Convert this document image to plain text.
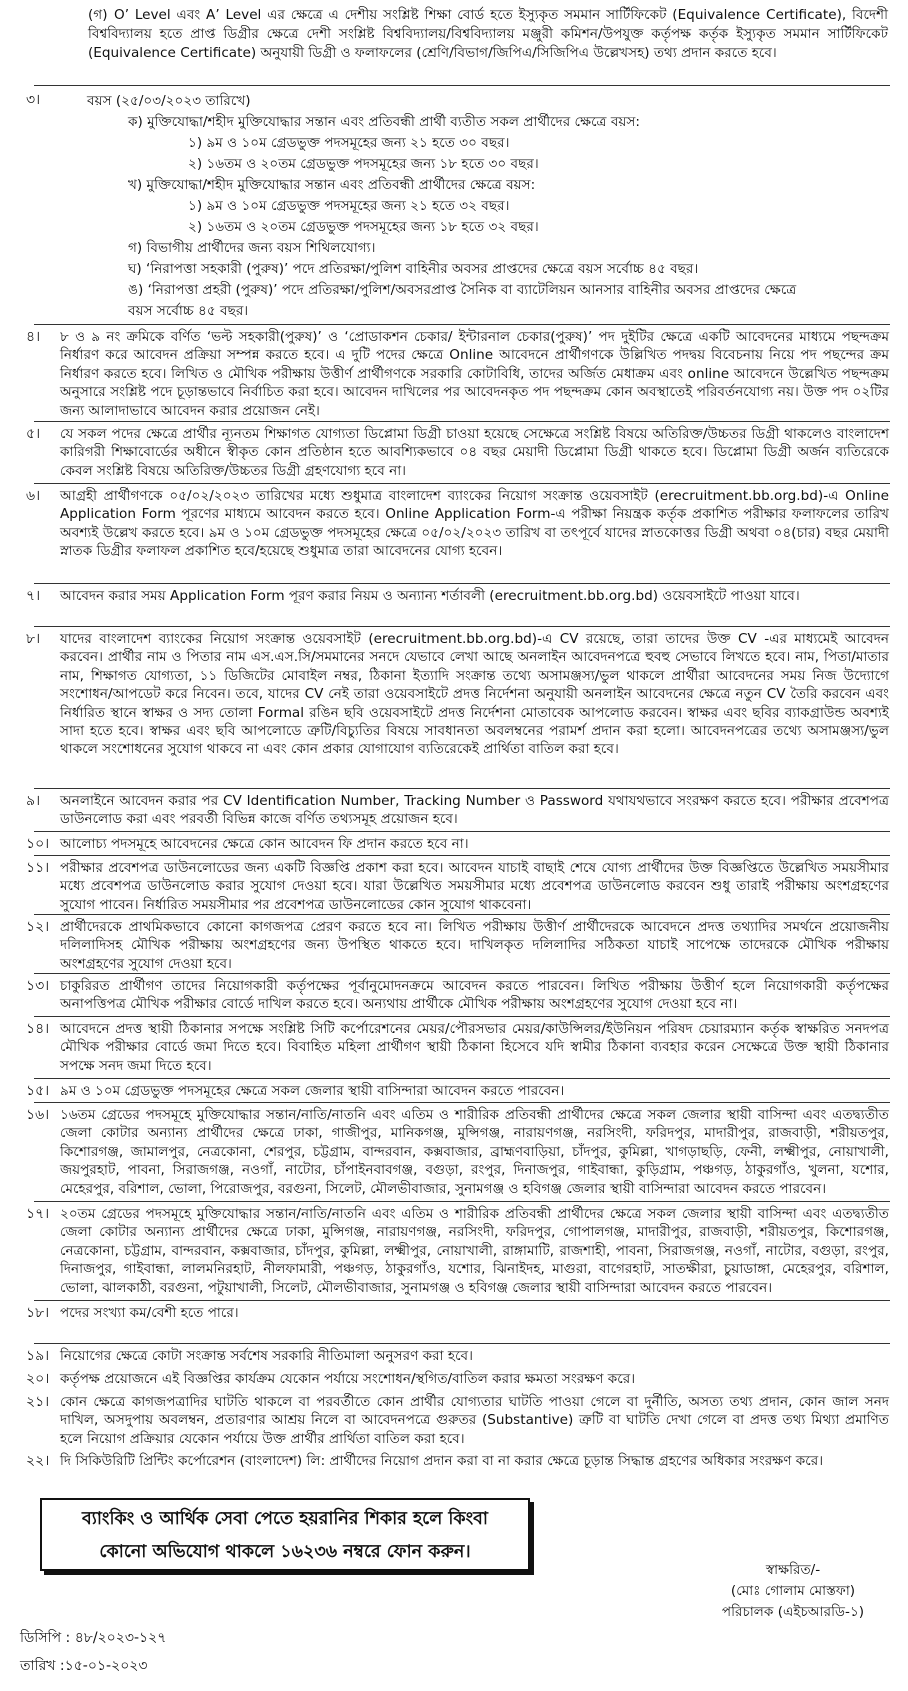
(গ) O’ Level এবং A’ Level এর ক্ষেত্রে এ দেশীয় সংশ্লিষ্ট শিক্ষা বোর্ড হতে ইস্যুকৃত সমমান সার্টিফিকেট (Equivalence Certificate), বিদেশী বিশ্ববিদ্যালয় হতে প্রাপ্ত ডিগ্রীর ক্ষেত্রে দেশী সংশ্লিষ্ট বিশ্ববিদ্যালয়/বিশ্ববিদ্যালয় মঞ্জুরী কমিশন/উপযুক্ত কর্তৃপক্ষ কর্তৃক ইস্যুকৃত সমমান সার্টিফিকেট (Equivalence Certificate) অনুযায়ী ডিগ্রী ও ফলাফলের (শ্রেণি/বিভাগ/জিপিএ/সিজিপিএ উল্লেখসহ) তথ্য প্রদান করতে হবে।
৩।	বয়স (২৫/০৩/২০২৩ তারিখে)
ক) মুক্তিযোদ্ধা/শহীদ মুক্তিযোদ্ধার সন্তান এবং প্রতিবন্ধী প্রার্থী ব্যতীত সকল প্রার্থীদের ক্ষেত্রে বয়স:
১) ৯ম ও ১০ম গ্রেডভুক্ত পদসমূহের জন্য ২১ হতে ৩০ বছর।
২) ১৬তম ও ২০তম গ্রেডভুক্ত পদসমূহের জন্য ১৮ হতে ৩০ বছর।
খ) মুক্তিযোদ্ধা/শহীদ মুক্তিযোদ্ধার সন্তান এবং প্রতিবন্ধী প্রার্থীদের ক্ষেত্রে বয়স:
১) ৯ম ও ১০ম গ্রেডভুক্ত পদসমূহের জন্য ২১ হতে ৩২ বছর।
২) ১৬তম ও ২০তম গ্রেডভুক্ত পদসমূহের জন্য ১৮ হতে ৩২ বছর।
গ) বিভাগীয় প্রার্থীদের জন্য বয়স শিথিলযোগ্য।
ঘ) ‘নিরাপত্তা সহকারী (পুরুষ)’ পদে প্রতিরক্ষা/পুলিশ বাহিনীর অবসর প্রাপ্তদের ক্ষেত্রে বয়স সর্বোচ্চ ৪৫ বছর।
ঙ) ‘নিরাপত্তা প্রহরী (পুরুষ)’ পদে প্রতিরক্ষা/পুলিশ/অবসরপ্রাপ্ত সৈনিক বা ব্যাটেলিয়ন আনসার বাহিনীর অবসর প্রাপ্তদের ক্ষেত্রে
বয়স সর্বোচ্চ ৪৫ বছর।
৪। ৮ ও ৯ নং ক্রমিকে বর্ণিত ‘ভল্ট সহকারী(পুরুষ)’ ও ‘প্রোডাকশন চেকার/ ইন্টারনাল চেকার(পুরুষ)’ পদ দুইটির ক্ষেত্রে একটি আবেদনের মাধ্যমে পছন্দক্রম নির্ধারণ করে আবেদন প্রক্রিয়া সম্পন্ন করতে হবে। এ দুটি পদের ক্ষেত্রে Online আবেদনে প্রার্থীগণকে উল্লিখিত পদদ্বয় বিবেচনায় নিয়ে পদ পছন্দের ক্রম নির্ধারণ করতে হবে। লিখিত ও মৌখিক পরীক্ষায় উত্তীর্ণ প্রার্থীগণকে সরকারি কোটাবিধি, তাদের অর্জিত মেধাক্রম এবং online আবেদনে উল্লেখিত পছন্দক্রম অনুসারে সংশ্লিষ্ট পদে চূড়ান্তভাবে নির্বাচিত করা হবে। আবেদন দাখিলের পর আবেদনকৃত পদ পছন্দক্রম কোন অবস্থাতেই পরিবর্তনযোগ্য নয়। উক্ত পদ ০২টির জন্য আলাদাভাবে আবেদন করার প্রয়োজন নেই।
৫। যে সকল পদের ক্ষেত্রে প্রার্থীর ন্যূনতম শিক্ষাগত যোগ্যতা ডিপ্লোমা ডিগ্রী চাওয়া হয়েছে সেক্ষেত্রে সংশ্লিষ্ট বিষয়ে অতিরিক্ত/উচ্চতর ডিগ্রী থাকলেও বাংলাদেশ কারিগরী শিক্ষাবোর্ডের অধীনে স্বীকৃত কোন প্রতিষ্ঠান হতে আবশ্যিকভাবে ০৪ বছর মেয়াদী ডিপ্লোমা ডিগ্রী থাকতে হবে। ডিপ্লোমা ডিগ্রী অর্জন ব্যতিরেকে কেবল সংশ্লিষ্ট বিষয়ে অতিরিক্ত/উচ্চতর ডিগ্রী গ্রহণযোগ্য হবে না।
৬। আগ্রহী প্রার্থীগণকে ০৫/০২/২০২৩ তারিখের মধ্যে শুধুমাত্র বাংলাদেশ ব্যাংকের নিয়োগ সংক্রান্ত ওয়েবসাইট (erecruitment.bb.org.bd)-এ Online Application Form পূরণের মাধ্যমে আবেদন করতে হবে। Online Application Form-এ পরীক্ষা নিয়ন্ত্রক কর্তৃক প্রকাশিত পরীক্ষার ফলাফলের তারিখ অবশ্যই উল্লেখ করতে হবে। ৯ম ও ১০ম গ্রেডভুক্ত পদসমূহের ক্ষেত্রে ০৫/০২/২০২৩ তারিখ বা তৎপূর্বে যাদের স্নাতকোত্তর ডিগ্রী অথবা ০৪(চার) বছর মেয়াদী স্নাতক ডিগ্রীর ফলাফল প্রকাশিত হবে/হয়েছে শুধুমাত্র তারা আবেদনের যোগ্য হবেন।
৭। আবেদন করার সময় Application Form পূরণ করার নিয়ম ও অন্যান্য শর্তাবলী (erecruitment.bb.org.bd) ওয়েবসাইটে পাওয়া যাবে।
৮। যাদের বাংলাদেশ ব্যাংকের নিয়োগ সংক্রান্ত ওয়েবসাইট (erecruitment.bb.org.bd)-এ CV রয়েছে, তারা তাদের উক্ত CV -এর মাধ্যমেই আবেদন করবেন। প্রার্থীর নাম ও পিতার নাম এস.এস.সি/সমমানের সনদে যেভাবে লেখা আছে অনলাইন আবেদনপত্রে হুবহু সেভাবে লিখতে হবে। নাম, পিতা/মাতার নাম, শিক্ষাগত যোগ্যতা, ১১ ডিজিটের মোবাইল নম্বর, ঠিকানা ইত্যাদি সংক্রান্ত তথ্যে অসামঞ্জস্য/ভুল থাকলে প্রার্থীরা আবেদনের সময় নিজ উদ্যোগে সংশোধন/আপডেট করে নিবেন। তবে, যাদের CV নেই তারা ওয়েবসাইটে প্রদত্ত নির্দেশনা অনুযায়ী অনলাইন আবেদনের ক্ষেত্রে নতুন CV তৈরি করবেন এবং নির্ধারিত স্থানে স্বাক্ষর ও সদ্য তোলা Formal রঙিন ছবি ওয়েবসাইটে প্রদত্ত নির্দেশনা মোতাবেক আপলোড করবেন। স্বাক্ষর এবং ছবির ব্যাকগ্রাউন্ড অবশ্যই সাদা হতে হবে। স্বাক্ষর এবং ছবি আপলোডে ত্রুটি/বিচ্যুতির বিষয়ে সাবধানতা অবলম্বনের পরামর্শ প্রদান করা হলো। আবেদনপত্রের তথ্যে অসামঞ্জস্য/ভুল থাকলে সংশোধনের সুযোগ থাকবে না এবং কোন প্রকার যোগাযোগ ব্যতিরেকেই প্রার্থিতা বাতিল করা হবে।
৯। অনলাইনে আবেদন করার পর CV Identification Number, Tracking Number ও Password যথাযথভাবে সংরক্ষণ করতে হবে। পরীক্ষার প্রবেশপত্র ডাউনলোড করা এবং পরবর্তী বিভিন্ন কাজে বর্ণিত তথ্যসমূহ প্রয়োজন হবে।
১০। আলোচ্য পদসমূহে আবেদনের ক্ষেত্রে কোন আবেদন ফি প্রদান করতে হবে না।
১১। পরীক্ষার প্রবেশপত্র ডাউনলোডের জন্য একটি বিজ্ঞপ্তি প্রকাশ করা হবে। আবেদন যাচাই বাছাই শেষে যোগ্য প্রার্থীদের উক্ত বিজ্ঞপ্তিতে উল্লেখিত সময়সীমার মধ্যে প্রবেশপত্র ডাউনলোড করার সুযোগ দেওয়া হবে। যারা উল্লেখিত সময়সীমার মধ্যে প্রবেশপত্র ডাউনলোড করবেন শুধু তারাই পরীক্ষায় অংশগ্রহণের সুযোগ পাবেন। নির্ধারিত সময়সীমার পর প্রবেশপত্র ডাউনলোডের কোন সুযোগ থাকবেনা।
১২। প্রার্থীদেরকে প্রাথমিকভাবে কোনো কাগজপত্র প্রেরণ করতে হবে না। লিখিত পরীক্ষায় উত্তীর্ণ প্রার্থীদেরকে আবেদনে প্রদত্ত তথ্যাদির সমর্থনে প্রয়োজনীয় দলিলাদিসহ মৌখিক পরীক্ষায় অংশগ্রহণের জন্য উপস্থিত থাকতে হবে। দাখিলকৃত দলিলাদির সঠিকতা যাচাই সাপেক্ষে তাদেরকে মৌখিক পরীক্ষায় অংশগ্রহণের সুযোগ দেওয়া হবে।
১৩। চাকুরিরত প্রার্থীগণ তাদের নিয়োগকারী কর্তৃপক্ষের পূর্বানুমোদনক্রমে আবেদন করতে পারবেন। লিখিত পরীক্ষায় উত্তীর্ণ হলে নিয়োগকারী কর্তৃপক্ষের অনাপত্তিপত্র মৌখিক পরীক্ষার বোর্ডে দাখিল করতে হবে। অন্যথায় প্রার্থীকে মৌখিক পরীক্ষায় অংশগ্রহণের সুযোগ দেওয়া হবে না।
১৪। আবেদনে প্রদত্ত স্থায়ী ঠিকানার সপক্ষে সংশ্লিষ্ট সিটি কর্পোরেশনের মেয়র/পৌরসভার মেয়র/কাউন্সিলর/ইউনিয়ন পরিষদ চেয়ারম্যান কর্তৃক স্বাক্ষরিত সনদপত্র মৌখিক পরীক্ষার বোর্ডে জমা দিতে হবে। বিবাহিত মহিলা প্রার্থীগণ স্থায়ী ঠিকানা হিসেবে যদি স্বামীর ঠিকানা ব্যবহার করেন সেক্ষেত্রে উক্ত স্থায়ী ঠিকানার সপক্ষে সনদ জমা দিতে হবে।
১৫। ৯ম ও ১০ম গ্রেডভুক্ত পদসমূহের ক্ষেত্রে সকল জেলার স্থায়ী বাসিন্দারা আবেদন করতে পারবেন।
১৬। ১৬তম গ্রেডের পদসমূহে মুক্তিযোদ্ধার সন্তান/নাতি/নাতনি এবং এতিম ও শারীরিক প্রতিবন্ধী প্রার্থীদের ক্ষেত্রে সকল জেলার স্থায়ী বাসিন্দা এবং এতদ্ব্যতীত জেলা কোটার অন্যান্য প্রার্থীদের ক্ষেত্রে ঢাকা, গাজীপুর, মানিকগঞ্জ, মুন্সিগঞ্জ, নারায়ণগঞ্জ, নরসিংদী, ফরিদপুর, মাদারীপুর, রাজবাড়ী, শরীয়তপুর, কিশোরগঞ্জ, জামালপুর, নেত্রকোনা, শেরপুর, চট্টগ্রাম, বান্দরবান, কক্সবাজার, ব্রাহ্মণবাড়িয়া, চাঁদপুর, কুমিল্লা, খাগড়াছড়ি, ফেনী, লক্ষ্মীপুর, নোয়াখালী, জয়পুরহাট, পাবনা, সিরাজগঞ্জ, নওগাঁ, নাটোর, চাঁপাইনবাবগঞ্জ, বগুড়া, রংপুর, দিনাজপুর, গাইবান্ধা, কুড়িগ্রাম, পঞ্চগড়, ঠাকুরগাঁও, খুলনা, যশোর, মেহেরপুর, বরিশাল, ভোলা, পিরোজপুর, বরগুনা, সিলেট, মৌলভীবাজার, সুনামগঞ্জ ও হবিগঞ্জ জেলার স্থায়ী বাসিন্দারা আবেদন করতে পারবেন।
১৭। ২০তম গ্রেডের পদসমূহে মুক্তিযোদ্ধার সন্তান/নাতি/নাতনি এবং এতিম ও শারীরিক প্রতিবন্ধী প্রার্থীদের ক্ষেত্রে সকল জেলার স্থায়ী বাসিন্দা এবং এতদ্ব্যতীত জেলা কোটার অন্যান্য প্রার্থীদের ক্ষেত্রে ঢাকা, মুন্সিগঞ্জ, নারায়ণগঞ্জ, নরসিংদী, ফরিদপুর, গোপালগঞ্জ, মাদারীপুর, রাজবাড়ী, শরীয়তপুর, কিশোরগঞ্জ, নেত্রকোনা, চট্টগ্রাম, বান্দরবান, কক্সবাজার, চাঁদপুর, কুমিল্লা, লক্ষ্মীপুর, নোয়াখালী, রাঙ্গামাটি, রাজশাহী, পাবনা, সিরাজগঞ্জ, নওগাঁ, নাটোর, বগুড়া, রংপুর, দিনাজপুর, গাইবান্ধা, লালমনিরহাট, নীলফামারী, পঞ্চগড়, ঠাকুরগাঁও, যশোর, ঝিনাইদহ, মাগুরা, বাগেরহাট, সাতক্ষীরা, চুয়াডাঙ্গা, মেহেরপুর, বরিশাল, ভোলা, ঝালকাঠী, বরগুনা, পটুয়াখালী, সিলেট, মৌলভীবাজার, সুনামগঞ্জ ও হবিগঞ্জ জেলার স্থায়ী বাসিন্দারা আবেদন করতে পারবেন।
১৮। পদের সংখ্যা কম/বেশী হতে পারে।
১৯। নিয়োগের ক্ষেত্রে কোটা সংক্রান্ত সর্বশেষ সরকারি নীতিমালা অনুসরণ করা হবে।
২০। কর্তৃপক্ষ প্রয়োজনে এই বিজ্ঞপ্তির কার্যক্রম যেকোন পর্যায়ে সংশোধন/স্থগিত/বাতিল করার ক্ষমতা সংরক্ষণ করে।
২১। কোন ক্ষেত্রে কাগজপত্রাদির ঘাটতি থাকলে বা পরবর্তীতে কোন প্রার্থীর যোগ্যতার ঘাটতি পাওয়া গেলে বা দুর্নীতি, অসত্য তথ্য প্রদান, কোন জাল সনদ দাখিল, অসদুপায় অবলম্বন, প্রতারণার আশ্রয় নিলে বা আবেদনপত্রে গুরুতর (Substantive) ত্রুটি বা ঘাটতি দেখা গেলে বা প্রদত্ত তথ্য মিথ্যা প্রমাণিত হলে নিয়োগ প্রক্রিয়ার যেকোন পর্যায়ে উক্ত প্রার্থীর প্রার্থিতা বাতিল করা হবে।
২২। দি সিকিউরিটি প্রিন্টিং কর্পোরেশন (বাংলাদেশ) লি: প্রার্থীদের নিয়োগ প্রদান করা বা না করার ক্ষেত্রে চূড়ান্ত সিদ্ধান্ত গ্রহণের অধিকার সংরক্ষণ করে।
ব্যাংকিং ও আর্থিক সেবা পেতে হয়রানির শিকার হলে কিংবা
কোনো অভিযোগ থাকলে ১৬২৩৬ নম্বরে ফোন করুন।
স্বাক্ষরিত/-
(মোঃ গোলাম মোস্তফা)
পরিচালক (এইচআরডি-১)
ডিসিপি : ৪৮/২০২৩-১২৭
তারিখ :১৫-০১-২০২৩
